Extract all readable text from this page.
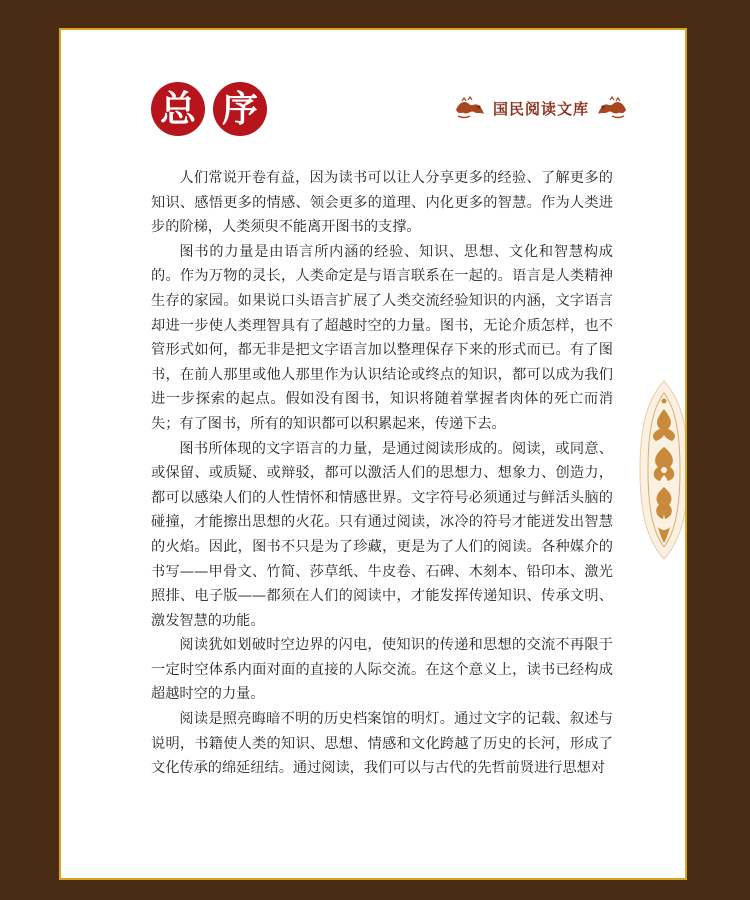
总 序	国民阅读文库

人们常说开卷有益，因为读书可以让人分享更多的经验、了解更多的知识、感悟更多的情感、领会更多的道理、内化更多的智慧。作为人类进步的阶梯，人类须臾不能离开图书的支撑。

图书的力量是由语言所内涵的经验、知识、思想、文化和智慧构成的。作为万物的灵长，人类命定是与语言联系在一起的。语言是人类精神生存的家园。如果说口头语言扩展了人类交流经验知识的内涵，文字语言却进一步使人类理智具有了超越时空的力量。图书，无论介质怎样，也不管形式如何，都无非是把文字语言加以整理保存下来的形式而已。有了图书，在前人那里或他人那里作为认识结论或终点的知识，都可以成为我们进一步探索的起点。假如没有图书，知识将随着掌握者肉体的死亡而消失；有了图书，所有的知识都可以积累起来，传递下去。

图书所体现的文字语言的力量，是通过阅读形成的。阅读，或同意、或保留、或质疑、或辩驳，都可以激活人们的思想力、想象力、创造力，都可以感染人们的人性情怀和情感世界。文字符号必须通过与鲜活头脑的碰撞，才能擦出思想的火花。只有通过阅读，冰冷的符号才能迸发出智慧的火焰。因此，图书不只是为了珍藏，更是为了人们的阅读。各种媒介的书写——甲骨文、竹简、莎草纸、牛皮卷、石碑、木刻本、铅印本、激光照排、电子版——都须在人们的阅读中，才能发挥传递知识、传承文明、激发智慧的功能。

阅读犹如划破时空边界的闪电，使知识的传递和思想的交流不再限于一定时空体系内面对面的直接的人际交流。在这个意义上，读书已经构成超越时空的力量。

阅读是照亮晦暗不明的历史档案馆的明灯。通过文字的记载、叙述与说明，书籍使人类的知识、思想、情感和文化跨越了历史的长河，形成了文化传承的绵延纽结。通过阅读，我们可以与古代的先哲前贤进行思想对
